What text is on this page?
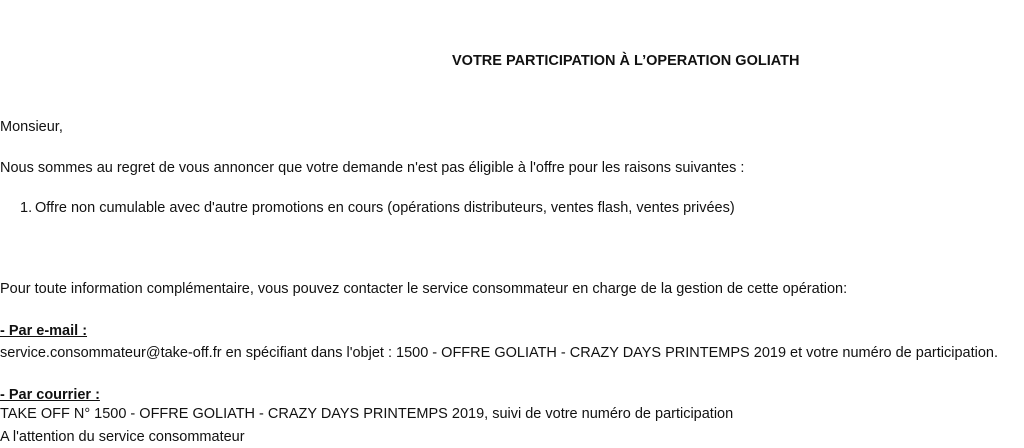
VOTRE PARTICIPATION À L’OPERATION GOLIATH
Monsieur,
Nous sommes au regret de vous annoncer que votre demande n'est pas éligible à l'offre pour les raisons suivantes :
1. Offre non cumulable avec d'autre promotions en cours (opérations distributeurs, ventes flash, ventes privées)
Pour toute information complémentaire, vous pouvez contacter le service consommateur en charge de la gestion de cette opération:
- Par e-mail :
service.consommateur@take-off.fr en spécifiant dans l'objet : 1500 - OFFRE GOLIATH - CRAZY DAYS PRINTEMPS 2019 et votre numéro de participation.
- Par courrier :
TAKE OFF N° 1500 - OFFRE GOLIATH - CRAZY DAYS PRINTEMPS 2019, suivi de votre numéro de participation
A l'attention du service consommateur
